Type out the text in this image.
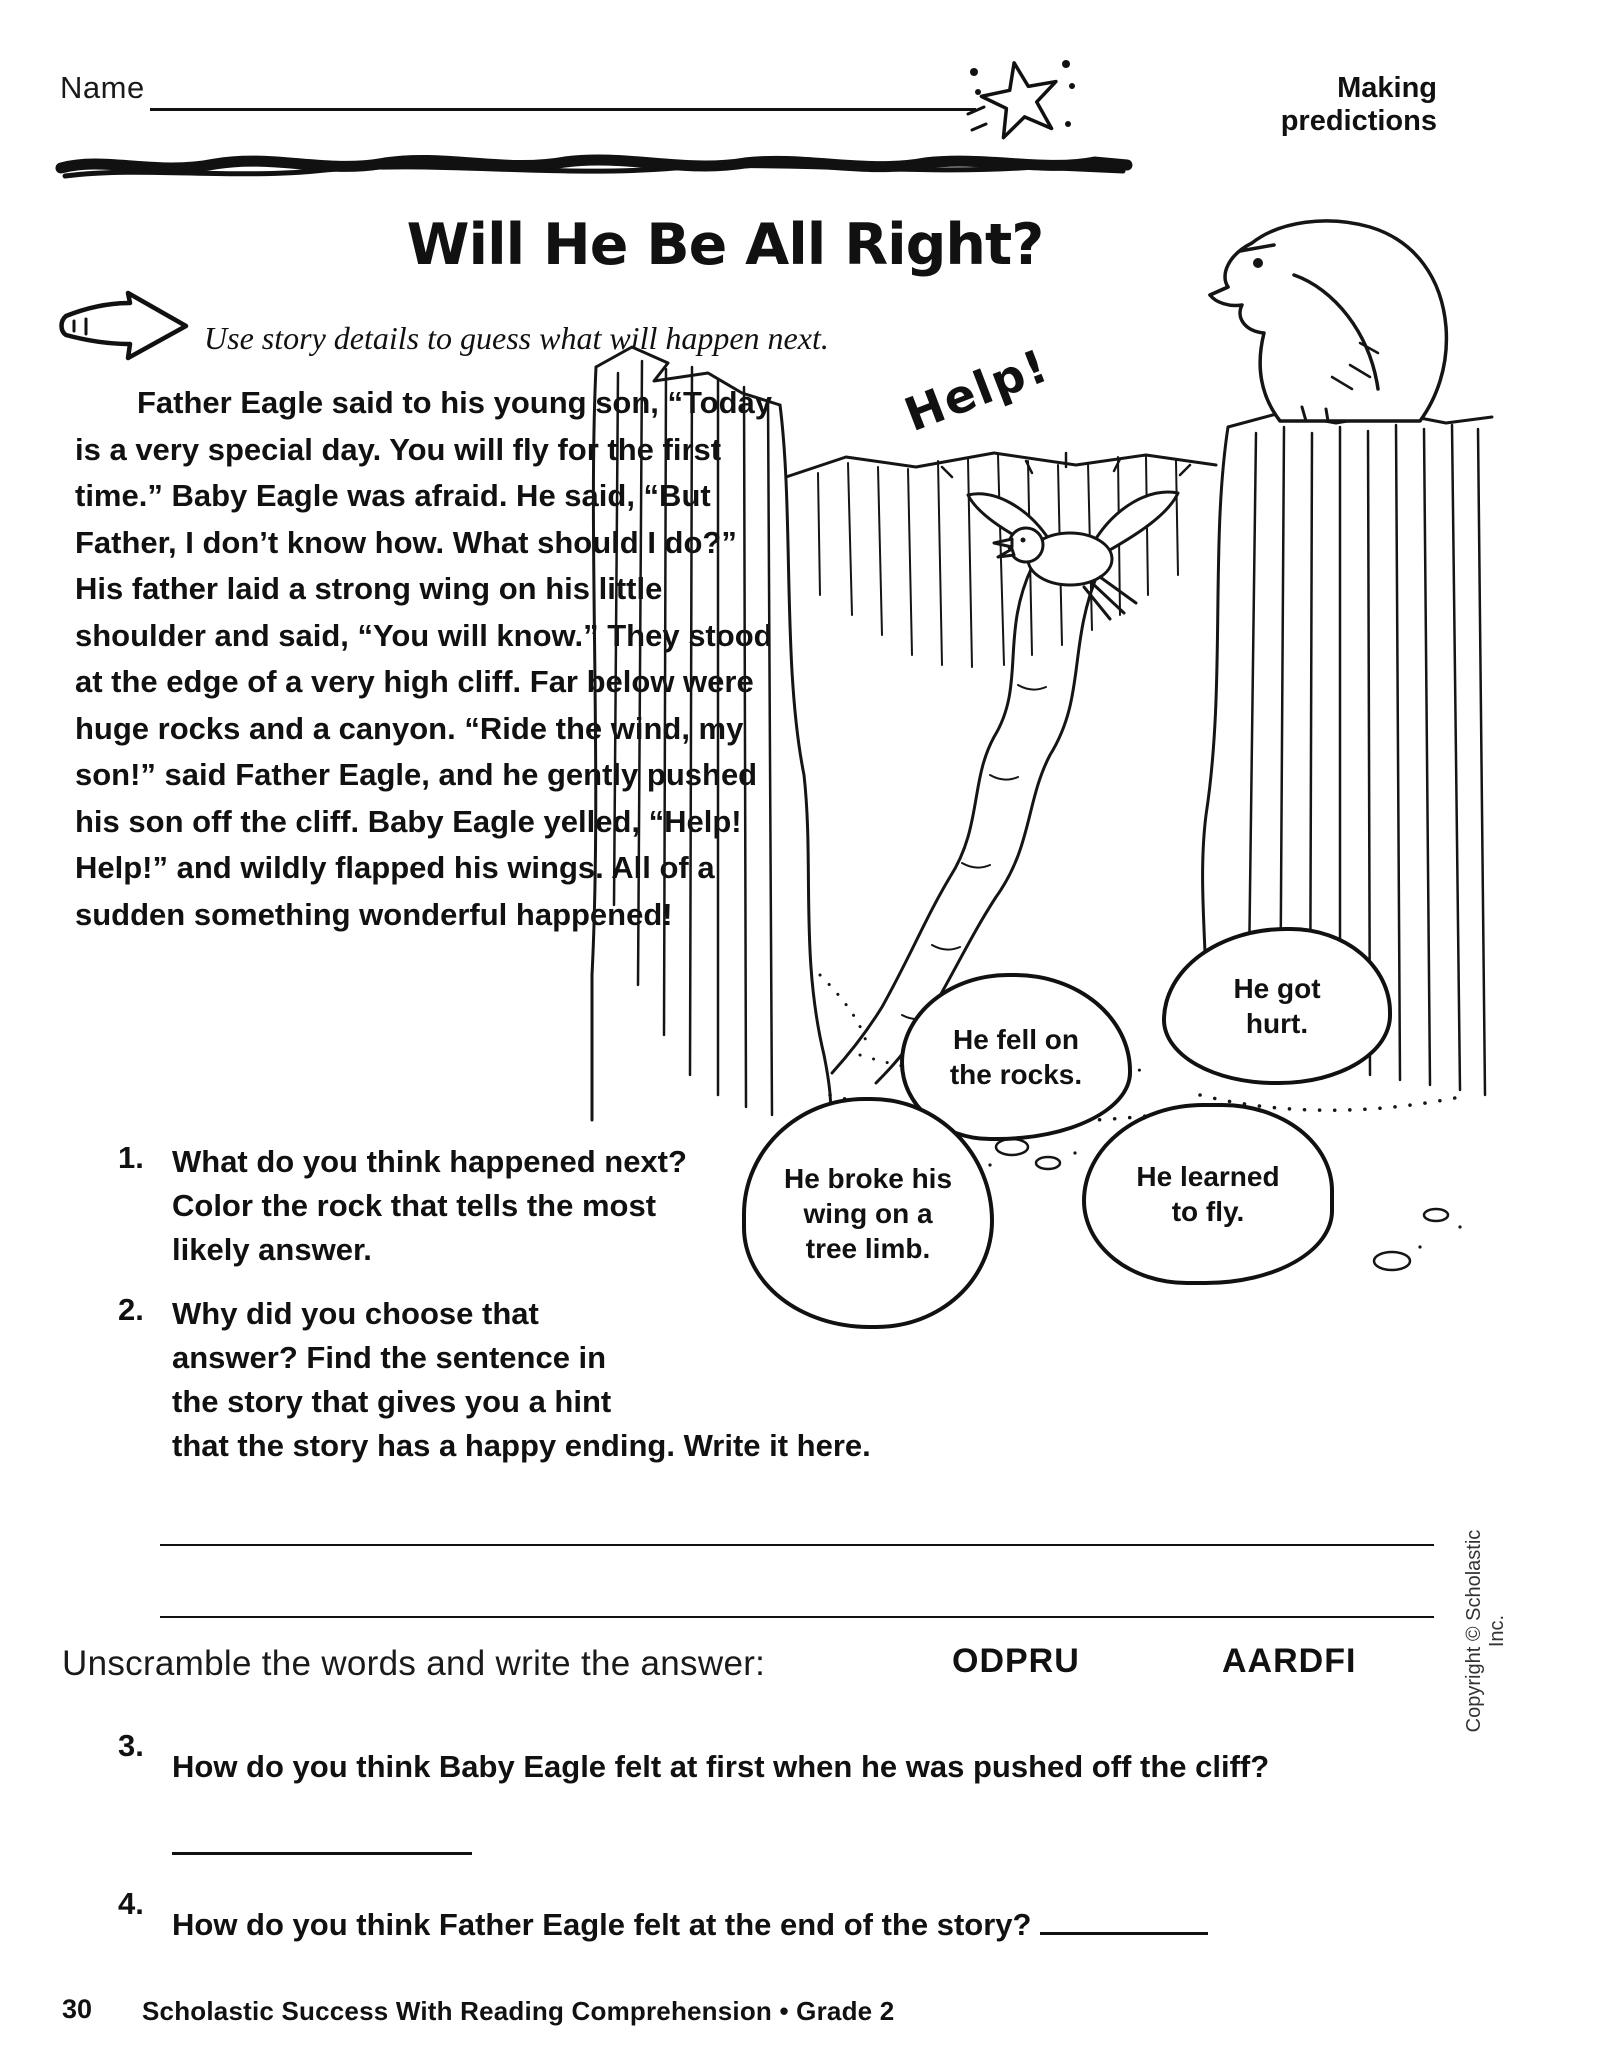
Name	Making predictions
Will He Be All Right?
Use story details to guess what will happen next.
Father Eagle said to his young son, “Today is a very special day. You will fly for the first time.” Baby Eagle was afraid. He said, “But Father, I don’t know how. What should I do?” His father laid a strong wing on his little shoulder and said, “You will know.” They stood at the edge of a very high cliff. Far below were huge rocks and a canyon. “Ride the wind, my son!” said Father Eagle, and he gently pushed his son off the cliff. Baby Eagle yelled, “Help! Help!” and wildly flapped his wings. All of a sudden something wonderful happened!
Help!
He fell on the rocks.
He got hurt.
He broke his wing on a tree limb.
He learned to fly.
1. What do you think happened next? Color the rock that tells the most likely answer.
2. Why did you choose that answer? Find the sentence in the story that gives you a hint that the story has a happy ending. Write it here.
Unscramble the words and write the answer:	ODPRU	AARDFI
3.
How do you think Baby Eagle felt at first when he was pushed off the cliff?
4.
How do you think Father Eagle felt at the end of the story?
30 Scholastic Success With Reading Comprehension • Grade 2
Copyright © Scholastic Inc.
